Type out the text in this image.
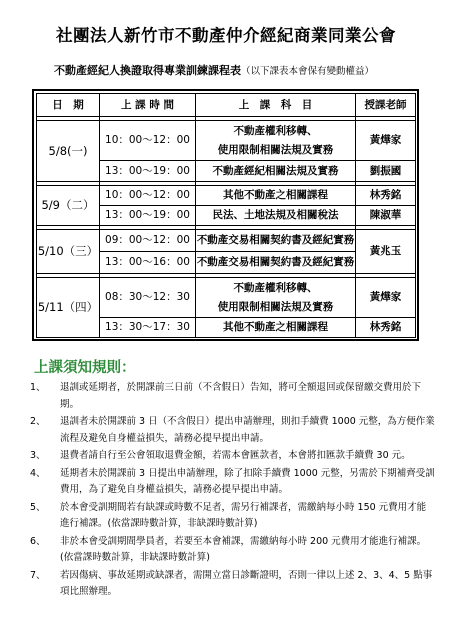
社團法人新竹市不動產仲介經紀商業同業公會
不動產經紀人換證取得專業訓練課程表（以下課表本會保有變動權益）
日　期	上 課 時 間	上　課　科　目	授課老師

5/8(一)	10：00～12：00	不動產權利移轉、
使用限制相關法規及實務	黃燁家
	13：00～19：00	不動產經紀相關法規及實務	劉振國

5/9（二）	10：00～12：00	其他不動產之相關課程	林秀銘
	13：00～19：00	民法、土地法規及相關稅法	陳淑華

5/10（三）	09：00～12：00	不動產交易相關契約書及經紀實務	黃兆玉
	13：00～16：00	不動產交易相關契約書及經紀實務	

5/11（四）	08：30～12：30	不動產權利移轉、
使用限制相關法規及實務	黃燁家
	13：30～17：30	其他不動產之相關課程	林秀銘
上課須知規則：
1、	退訓或延期者，於開課前三日前（不含假日）告知，將可全額退回或保留繳交費用於下期。
2、	退訓者未於開課前 3 日（不含假日）提出申請辦理，則扣手續費 1000 元整，為方便作業流程及避免自身權益損失，請務必提早提出申請。
3、	退費者請自行至公會領取退費金額，若需本會匯款者，本會將扣匯款手續費 30 元。
4、	延期者未於開課前 3 日提出申請辦理，除了扣除手續費 1000 元整，另需於下期補齊受訓費用，為了避免自身權益損失，請務必提早提出申請。
5、	於本會受訓期間若有缺課或時數不足者，需另行補課者，需繳納每小時 150 元費用才能進行補課。(依當課時數計算，非缺課時數計算)
6、	非於本會受訓期間學員者，若要至本會補課，需繳納每小時 200 元費用才能進行補課。(依當課時數計算，非缺課時數計算)
7、	若因傷病、事故延期或缺課者，需開立當日診斷證明，否則一律以上述 2、3、4、5 點事項比照辦理。
